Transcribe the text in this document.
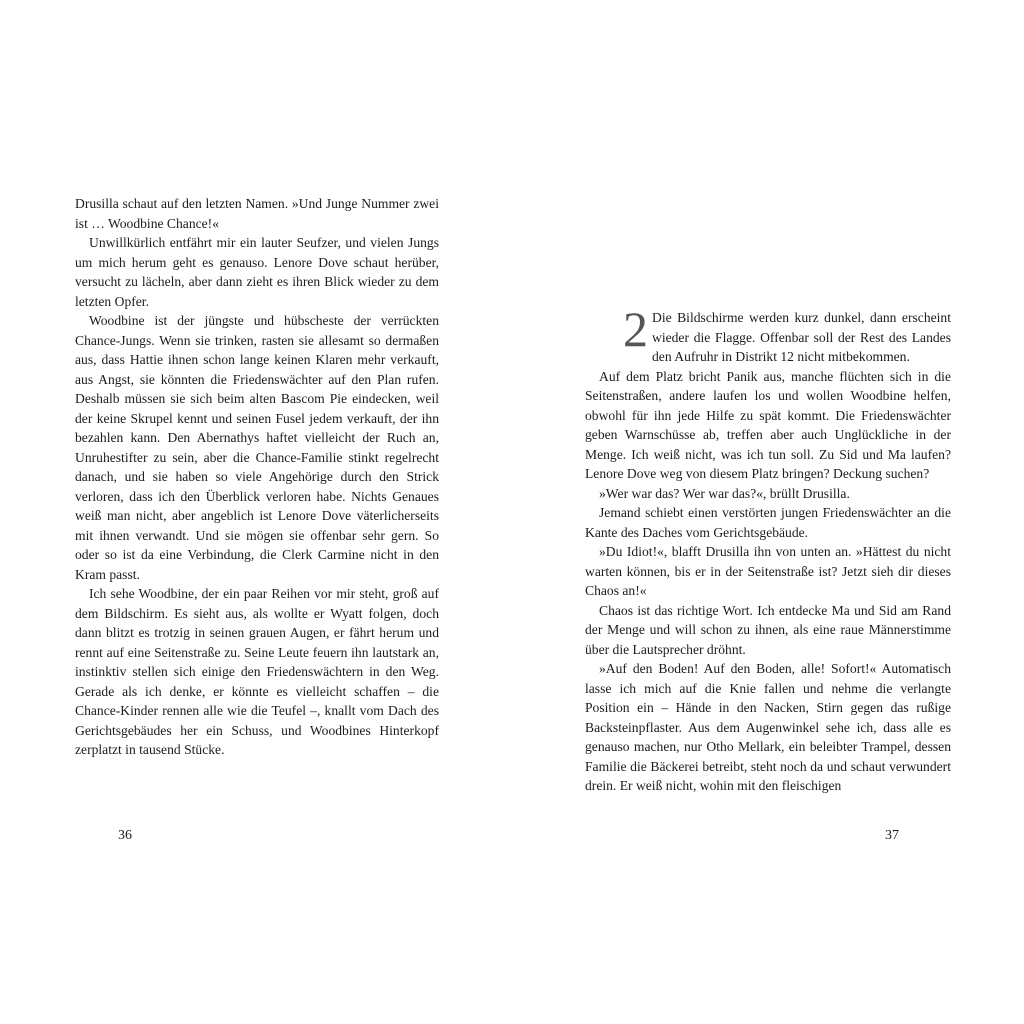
Drusilla schaut auf den letzten Namen. »Und Junge Nummer zwei ist … Woodbine Chance!«

Unwillkürlich entfährt mir ein lauter Seufzer, und vielen Jungs um mich herum geht es genauso. Lenore Dove schaut herüber, versucht zu lächeln, aber dann zieht es ihren Blick wieder zu dem letzten Opfer.

Woodbine ist der jüngste und hübscheste der verrückten Chance-Jungs. Wenn sie trinken, rasten sie allesamt so dermaßen aus, dass Hattie ihnen schon lange keinen Klaren mehr verkauft, aus Angst, sie könnten die Friedenswächter auf den Plan rufen. Deshalb müssen sie sich beim alten Bascom Pie eindecken, weil der keine Skrupel kennt und seinen Fusel jedem verkauft, der ihn bezahlen kann. Den Abernathys haftet vielleicht der Ruch an, Unruhestifter zu sein, aber die Chance-Familie stinkt regelrecht danach, und sie haben so viele Angehörige durch den Strick verloren, dass ich den Überblick verloren habe. Nichts Genaues weiß man nicht, aber angeblich ist Lenore Dove väterlicherseits mit ihnen verwandt. Und sie mögen sie offenbar sehr gern. So oder so ist da eine Verbindung, die Clerk Carmine nicht in den Kram passt.

Ich sehe Woodbine, der ein paar Reihen vor mir steht, groß auf dem Bildschirm. Es sieht aus, als wollte er Wyatt folgen, doch dann blitzt es trotzig in seinen grauen Augen, er fährt herum und rennt auf eine Seitenstraße zu. Seine Leute feuern ihn lautstark an, instinktiv stellen sich einige den Friedenswächtern in den Weg. Gerade als ich denke, er könnte es vielleicht schaffen – die Chance-Kinder rennen alle wie die Teufel –, knallt vom Dach des Gerichtsgebäudes her ein Schuss, und Woodbines Hinterkopf zerplatzt in tausend Stücke.

2 Die Bildschirme werden kurz dunkel, dann erscheint wieder die Flagge. Offenbar soll der Rest des Landes den Aufruhr in Distrikt 12 nicht mitbekommen.

Auf dem Platz bricht Panik aus, manche flüchten sich in die Seitenstraßen, andere laufen los und wollen Woodbine helfen, obwohl für ihn jede Hilfe zu spät kommt. Die Friedenswächter geben Warnschüsse ab, treffen aber auch Unglückliche in der Menge. Ich weiß nicht, was ich tun soll. Zu Sid und Ma laufen? Lenore Dove weg von diesem Platz bringen? Deckung suchen?

»Wer war das? Wer war das?«, brüllt Drusilla.

Jemand schiebt einen verstörten jungen Friedenswächter an die Kante des Daches vom Gerichtsgebäude.

»Du Idiot!«, blafft Drusilla ihn von unten an. »Hättest du nicht warten können, bis er in der Seitenstraße ist? Jetzt sieh dir dieses Chaos an!«

Chaos ist das richtige Wort. Ich entdecke Ma und Sid am Rand der Menge und will schon zu ihnen, als eine raue Männerstimme über die Lautsprecher dröhnt.

»Auf den Boden! Auf den Boden, alle! Sofort!« Automatisch lasse ich mich auf die Knie fallen und nehme die verlangte Position ein – Hände in den Nacken, Stirn gegen das rußige Backsteinpflaster. Aus dem Augenwinkel sehe ich, dass alle es genauso machen, nur Otho Mellark, ein beleibter Trampel, dessen Familie die Bäckerei betreibt, steht noch da und schaut verwundert drein. Er weiß nicht, wohin mit den fleischigen

36	37
